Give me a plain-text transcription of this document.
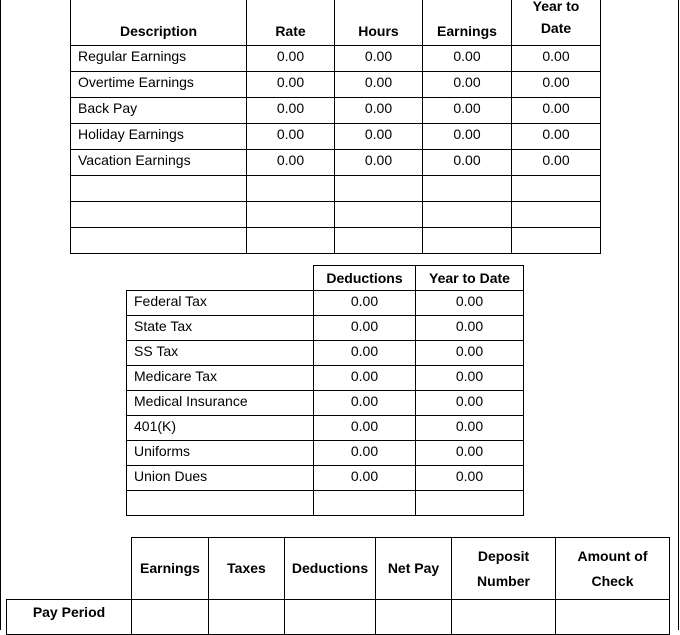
Description	Rate	Hours	Earnings	Year to Date

Regular Earnings	0.00	0.00	0.00	0.00
Overtime Earnings	0.00	0.00	0.00	0.00
Back Pay	0.00	0.00	0.00	0.00
Holiday Earnings	0.00	0.00	0.00	0.00
Vacation Earnings	0.00	0.00	0.00	0.00

	Deductions	Year to Date
Federal Tax	0.00	0.00
State Tax	0.00	0.00
SS Tax	0.00	0.00
Medicare Tax	0.00	0.00
Medical Insurance	0.00	0.00
401(K)	0.00	0.00
Uniforms	0.00	0.00
Union Dues	0.00	0.00

	Earnings	Taxes	Deductions	Net Pay	Deposit Number	Amount of Check

Pay Period						
